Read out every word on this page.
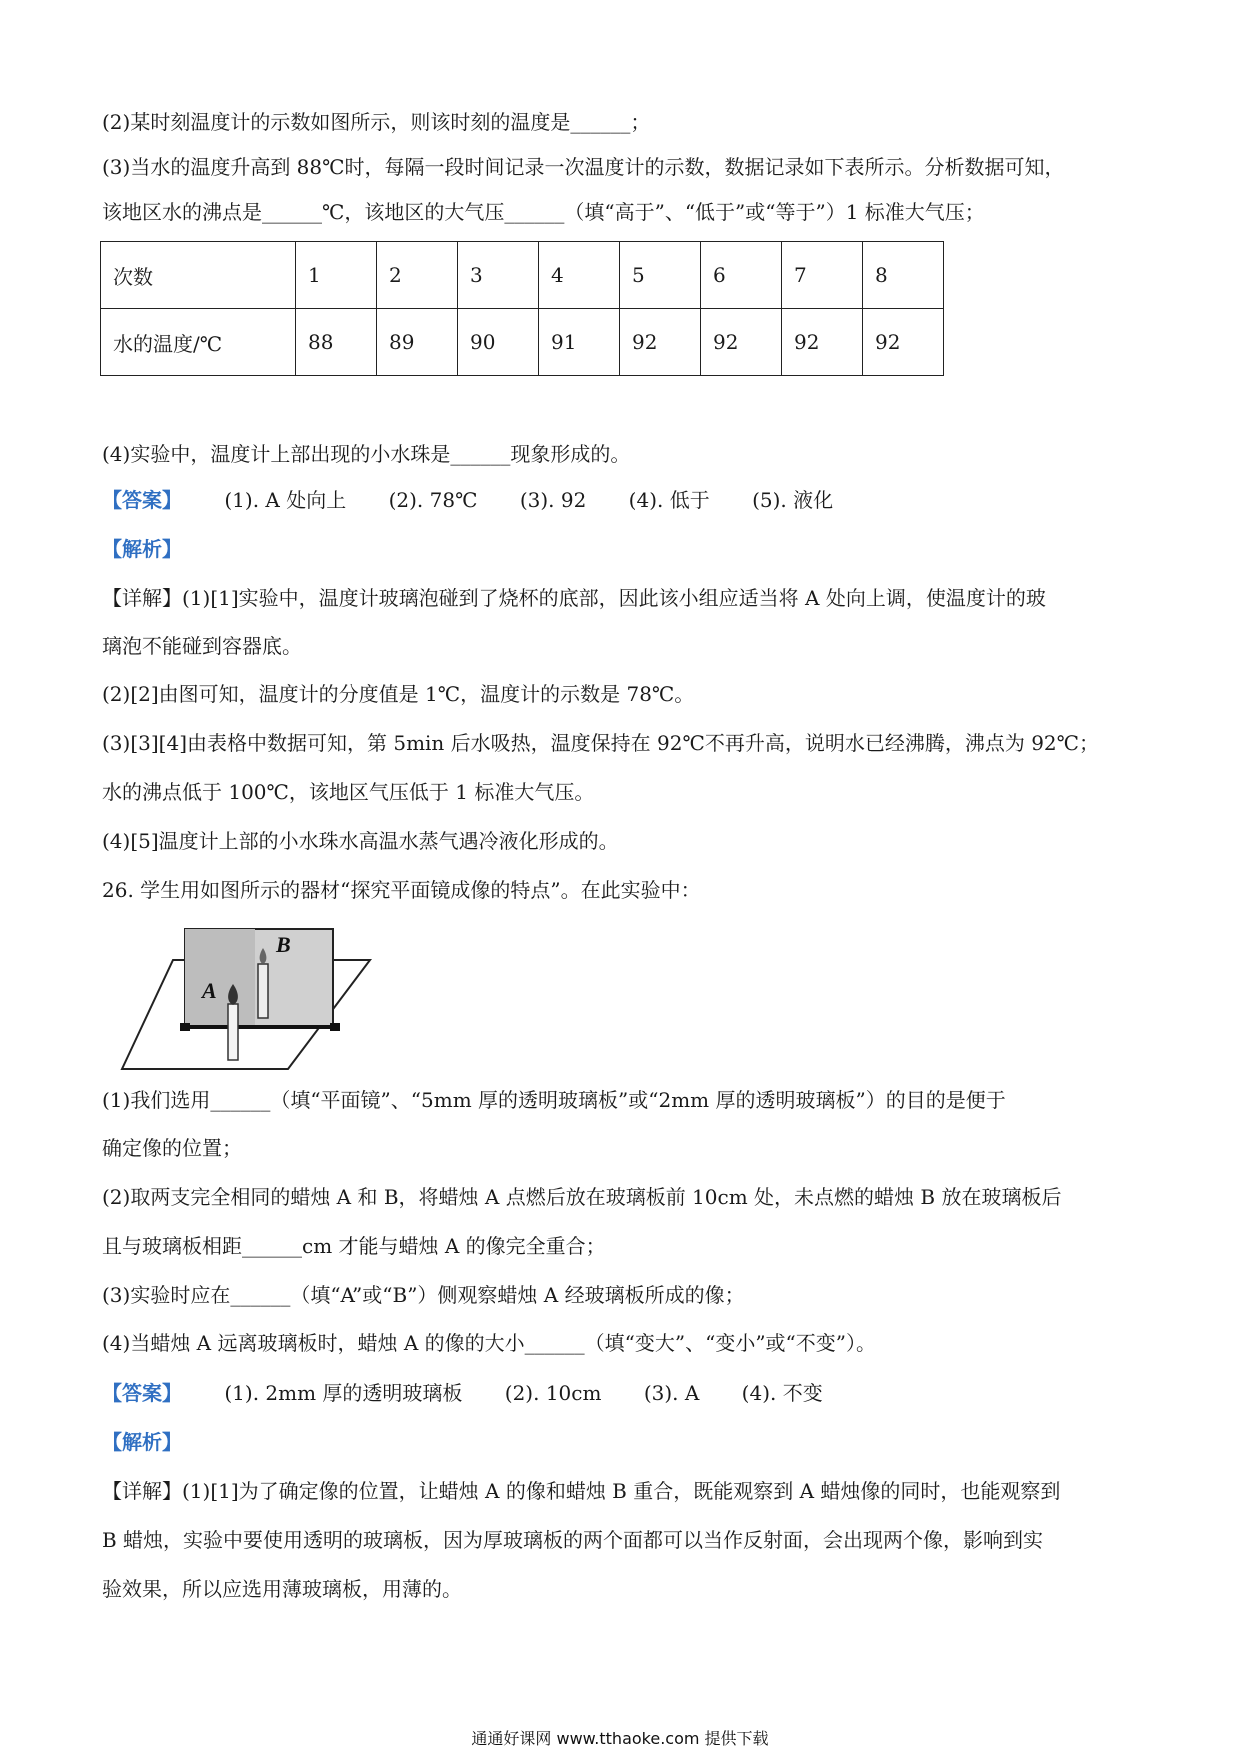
(2)某时刻温度计的示数如图所示，则该时刻的温度是______；
(3)当水的温度升高到 88℃时，每隔一段时间记录一次温度计的示数，数据记录如下表所示。分析数据可知，
该地区水的沸点是______℃，该地区的大气压______（填“高于”、“低于”或“等于”）1 标准大气压；
次数	1	2	3	4	5	6	7	8
水的温度/℃	88	89	90	91	92	92	92	92
(4)实验中，温度计上部出现的小水珠是______现象形成的。
【答案】 (1). A 处向上 (2). 78℃ (3). 92 (4). 低于 (5). 液化
【解析】
【详解】(1)[1]实验中，温度计玻璃泡碰到了烧杯的底部，因此该小组应适当将 A 处向上调，使温度计的玻
璃泡不能碰到容器底。
(2)[2]由图可知，温度计的分度值是 1℃，温度计的示数是 78℃。
(3)[3][4]由表格中数据可知，第 5min 后水吸热，温度保持在 92℃不再升高，说明水已经沸腾，沸点为 92℃；
水的沸点低于 100℃，该地区气压低于 1 标准大气压。
(4)[5]温度计上部的小水珠水高温水蒸气遇冷液化形成的。
26. 学生用如图所示的器材“探究平面镜成像的特点”。在此实验中：
B
A
(1)我们选用______（填“平面镜”、“5mm 厚的透明玻璃板”或“2mm 厚的透明玻璃板”）的目的是便于
确定像的位置；
(2)取两支完全相同的蜡烛 A 和 B，将蜡烛 A 点燃后放在玻璃板前 10cm 处，未点燃的蜡烛 B 放在玻璃板后
且与玻璃板相距______cm 才能与蜡烛 A 的像完全重合；
(3)实验时应在______（填“A”或“B”）侧观察蜡烛 A 经玻璃板所成的像；
(4)当蜡烛 A 远离玻璃板时，蜡烛 A 的像的大小______（填“变大”、“变小”或“不变”）。
【答案】 (1). 2mm 厚的透明玻璃板 (2). 10cm (3). A (4). 不变
【解析】
【详解】(1)[1]为了确定像的位置，让蜡烛 A 的像和蜡烛 B 重合，既能观察到 A 蜡烛像的同时，也能观察到
B 蜡烛，实验中要使用透明的玻璃板，因为厚玻璃板的两个面都可以当作反射面，会出现两个像，影响到实
验效果，所以应选用薄玻璃板，用薄的。
通通好课网 www.tthaoke.com 提供下载
